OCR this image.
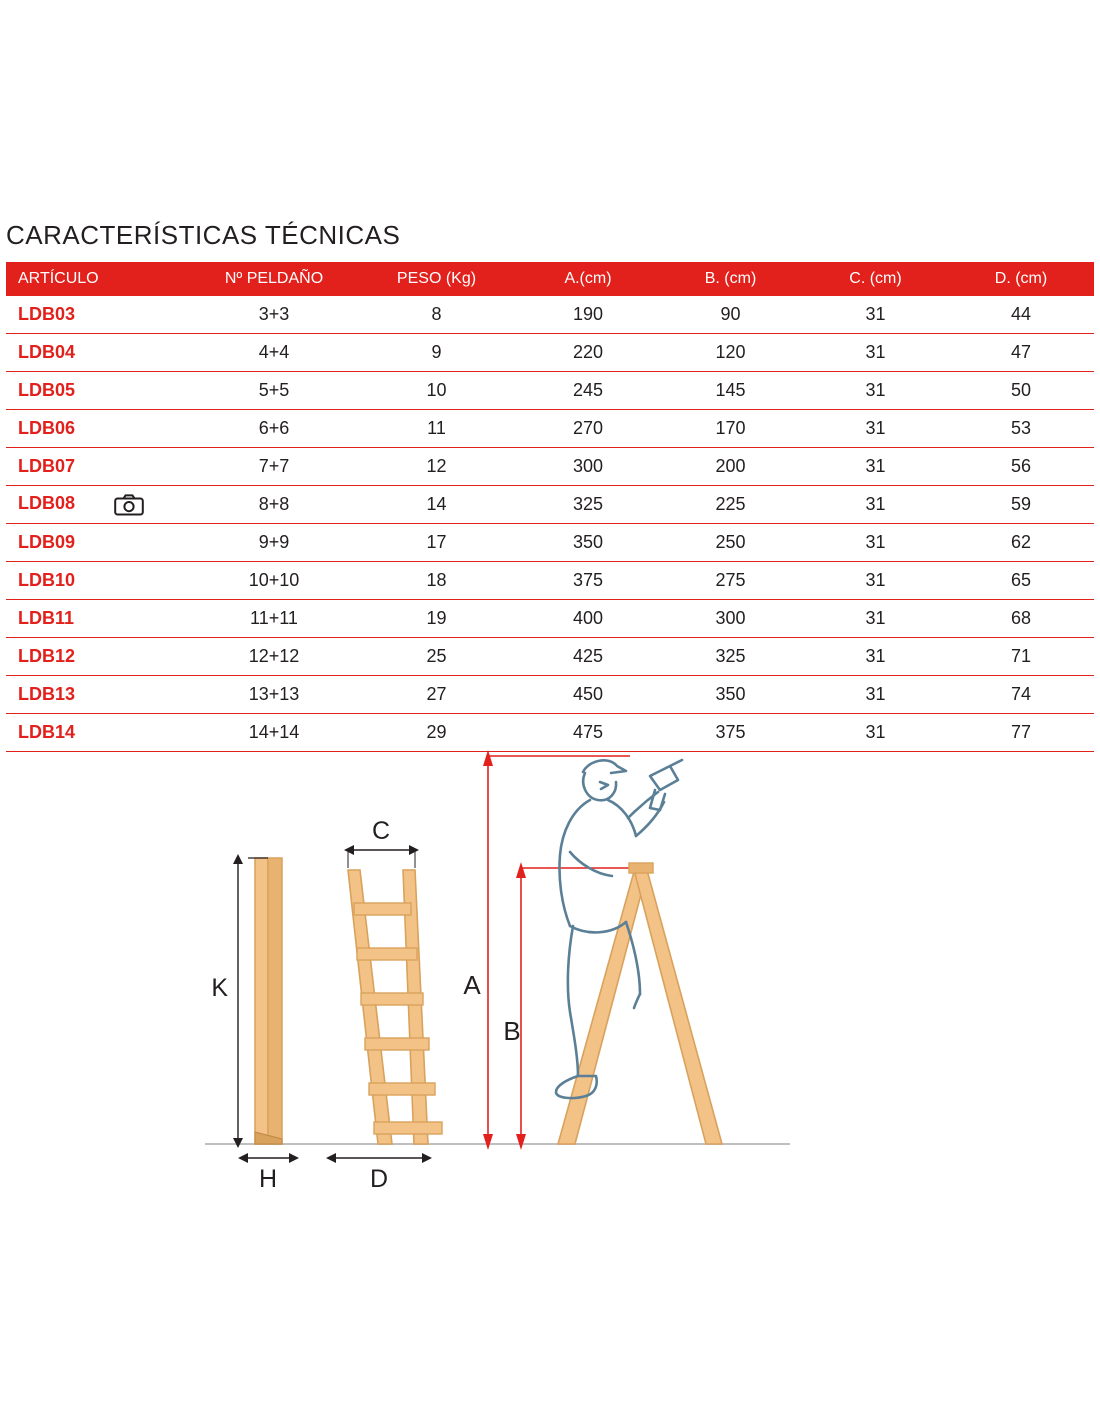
CARACTERÍSTICAS TÉCNICAS
ARTÍCULO	Nº PELDAÑO	PESO (Kg)	A.(cm)	B. (cm)	C. (cm)	D. (cm)
LDB03	3+3	8	190	90	31	44
LDB04	4+4	9	220	120	31	47
LDB05	5+5	10	245	145	31	50
LDB06	6+6	11	270	170	31	53
LDB07	7+7	12	300	200	31	56
LDB08	8+8	14	325	225	31	59
LDB09	9+9	17	350	250	31	62
LDB10	10+10	18	375	275	31	65
LDB11	11+11	19	400	300	31	68
LDB12	12+12	25	425	325	31	71
LDB13	13+13	27	450	350	31	74
LDB14	14+14	29	475	375	31	77
K
H
C
D
A
B
